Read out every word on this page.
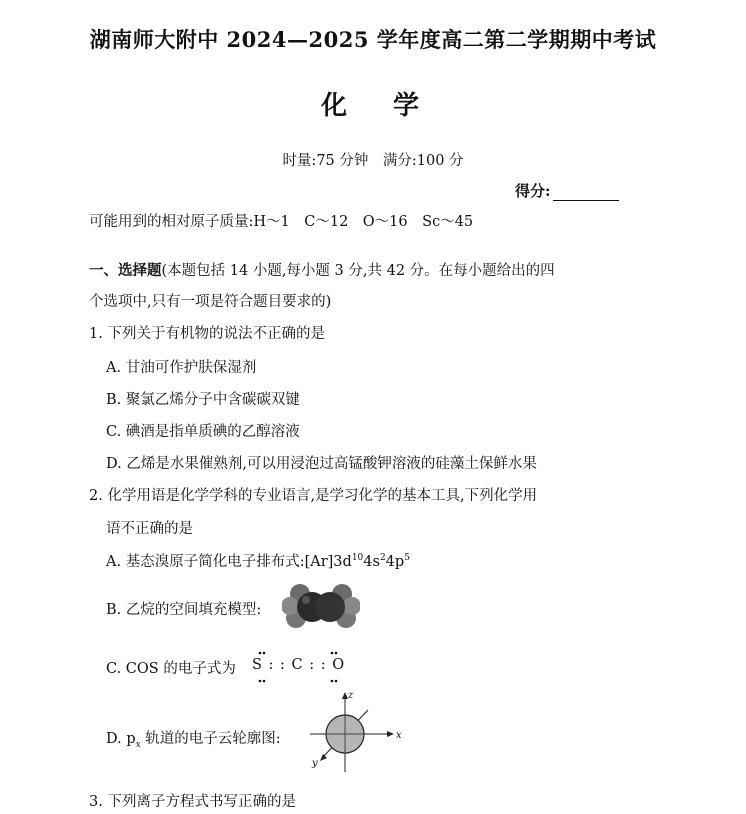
湖南师大附中 2024—2025 学年度高二第二学期期中考试
化学
时量:75 分钟　满分:100 分
得分:
可能用到的相对原子质量:H～1　C～12　O～16　Sc～45
一、选择题(本题包括 14 小题,每小题 3 分,共 42 分。在每小题给出的四
个选项中,只有一项是符合题目要求的)
1. 下列关于有机物的说法不正确的是
A. 甘油可作护肤保湿剂
B. 聚氯乙烯分子中含碳碳双键
C. 碘酒是指单质碘的乙醇溶液
D. 乙烯是水果催熟剂,可以用浸泡过高锰酸钾溶液的硅藻土保鲜水果
2. 化学用语是化学学科的专业语言,是学习化学的基本工具,下列化学用
语不正确的是
A. 基态溴原子简化电子排布式$:[Ar]3d^{10}4s^24p^5$
B. 乙烷的空间填充模型:
C. COS 的电子式为 S : : C : : O
D. $p_x$ 轨道的电子云轮廓图:
z
x
y
3. 下列离子方程式书写正确的是
